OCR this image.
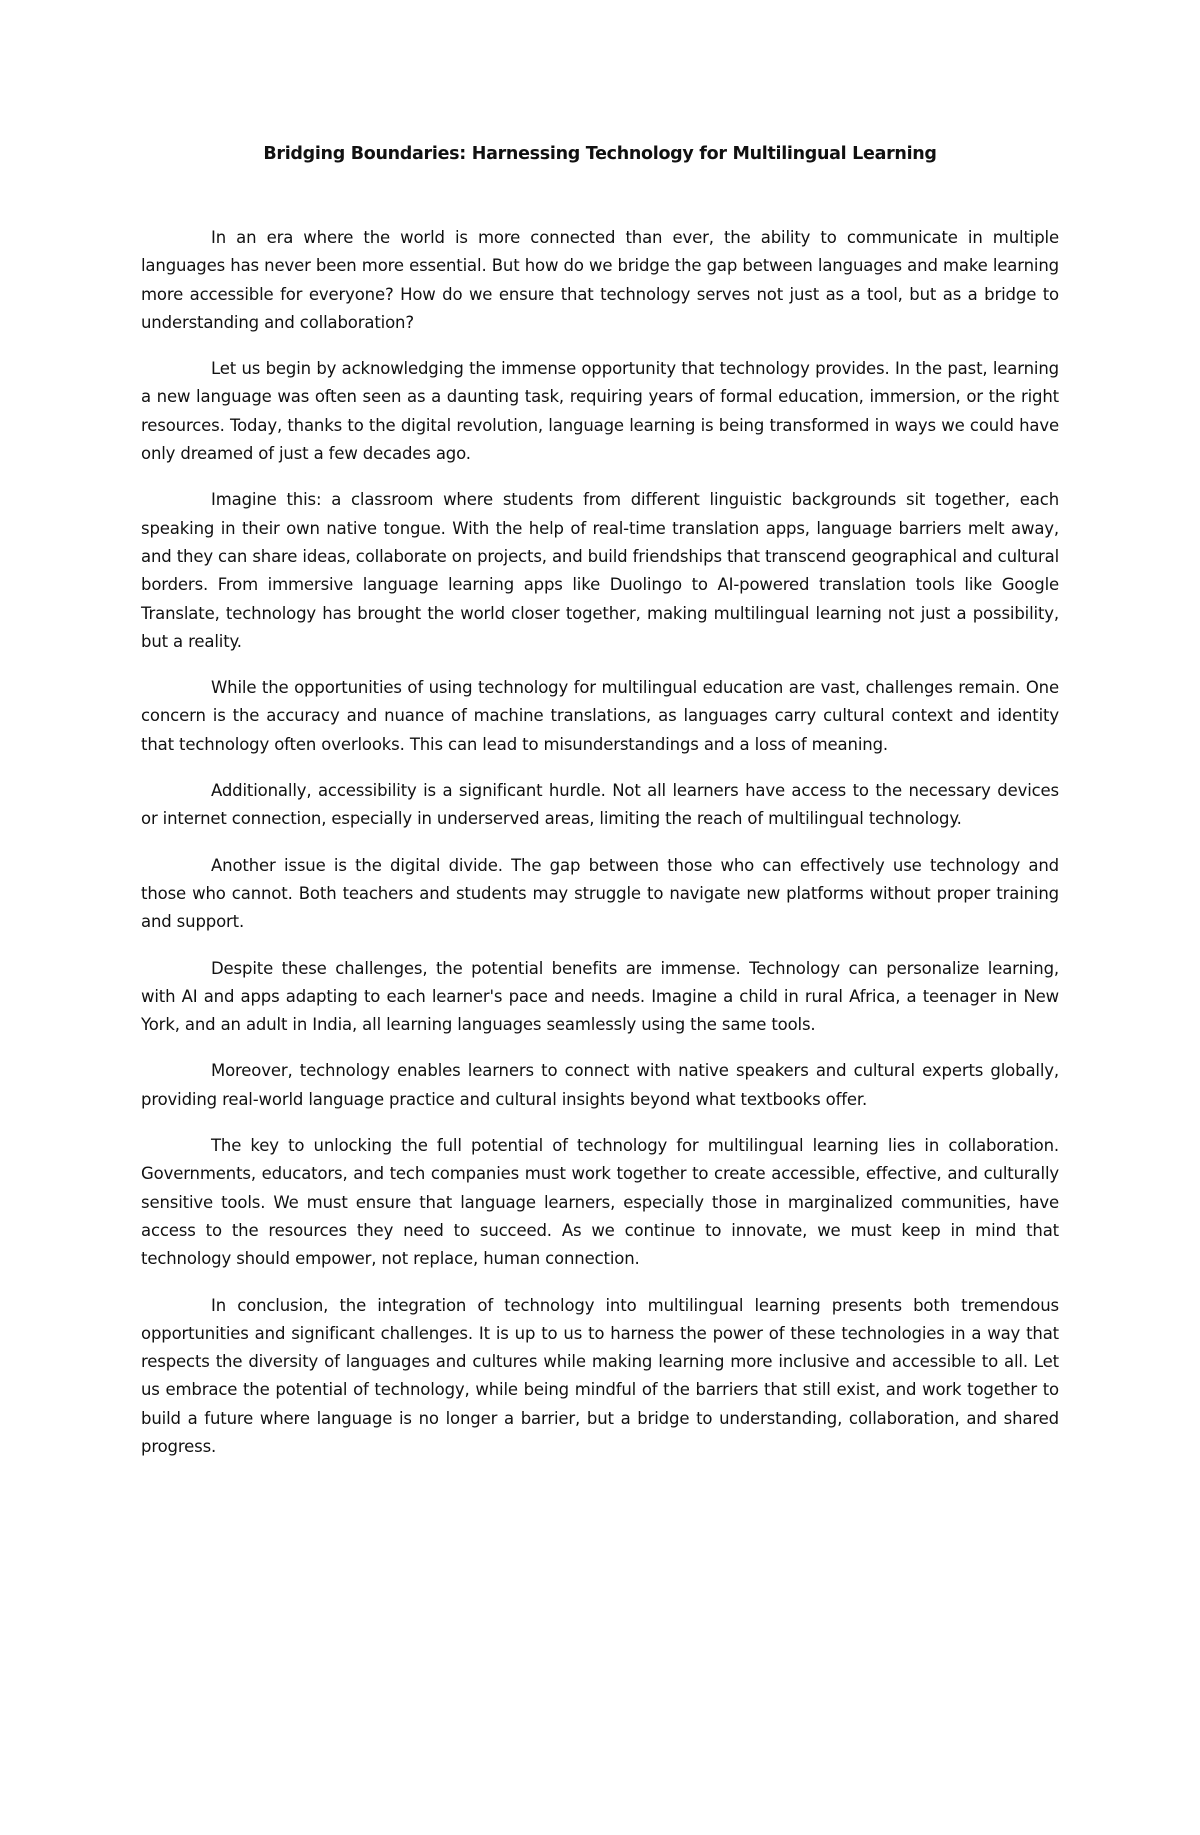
Bridging Boundaries: Harnessing Technology for Multilingual Learning

In an era where the world is more connected than ever, the ability to communicate in multiple languages has never been more essential. But how do we bridge the gap between languages and make learning more accessible for everyone? How do we ensure that technology serves not just as a tool, but as a bridge to understanding and collaboration?

Let us begin by acknowledging the immense opportunity that technology provides. In the past, learning a new language was often seen as a daunting task, requiring years of formal education, immersion, or the right resources. Today, thanks to the digital revolution, language learning is being transformed in ways we could have only dreamed of just a few decades ago.

Imagine this: a classroom where students from different linguistic backgrounds sit together, each speaking in their own native tongue. With the help of real-time translation apps, language barriers melt away, and they can share ideas, collaborate on projects, and build friendships that transcend geographical and cultural borders. From immersive language learning apps like Duolingo to AI-powered translation tools like Google Translate, technology has brought the world closer together, making multilingual learning not just a possibility, but a reality.

While the opportunities of using technology for multilingual education are vast, challenges remain. One concern is the accuracy and nuance of machine translations, as languages carry cultural context and identity that technology often overlooks. This can lead to misunderstandings and a loss of meaning.

Additionally, accessibility is a significant hurdle. Not all learners have access to the necessary devices or internet connection, especially in underserved areas, limiting the reach of multilingual technology.

Another issue is the digital divide. The gap between those who can effectively use technology and those who cannot. Both teachers and students may struggle to navigate new platforms without proper training and support.

Despite these challenges, the potential benefits are immense. Technology can personalize learning, with AI and apps adapting to each learner's pace and needs. Imagine a child in rural Africa, a teenager in New York, and an adult in India, all learning languages seamlessly using the same tools.

Moreover, technology enables learners to connect with native speakers and cultural experts globally, providing real-world language practice and cultural insights beyond what textbooks offer.

The key to unlocking the full potential of technology for multilingual learning lies in collaboration. Governments, educators, and tech companies must work together to create accessible, effective, and culturally sensitive tools. We must ensure that language learners, especially those in marginalized communities, have access to the resources they need to succeed. As we continue to innovate, we must keep in mind that technology should empower, not replace, human connection.

In conclusion, the integration of technology into multilingual learning presents both tremendous opportunities and significant challenges. It is up to us to harness the power of these technologies in a way that respects the diversity of languages and cultures while making learning more inclusive and accessible to all. Let us embrace the potential of technology, while being mindful of the barriers that still exist, and work together to build a future where language is no longer a barrier, but a bridge to understanding, collaboration, and shared progress.
